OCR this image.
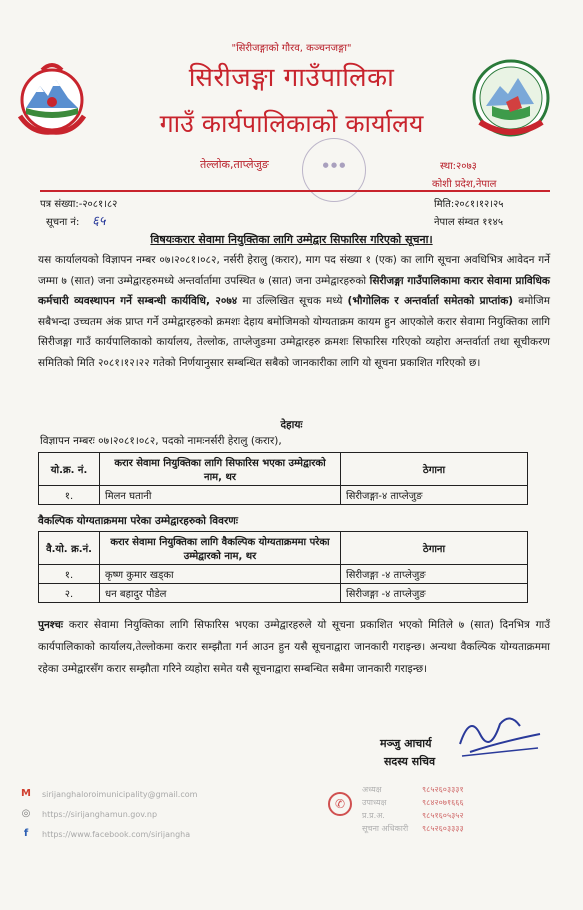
"सिरीजङ्गाको गौरव, कञ्चनजङ्गा"
सिरीजङ्गा गाउँपालिका
गाउँ कार्यपालिकाको कार्यालय
तेल्लोक,ताप्लेजुङ	स्था:२०७३
कोशी प्रदेश,नेपाल
● ● ●
पत्र संख्या:-२०८१।८२
सूचना नं: ६५
मिति:२०८१।१२।२५
नेपाल संम्वत ११४५
विषयःकरार सेवामा नियुक्तिका लागि उम्मेद्वार सिफारिस गरिएको सूचना।
यस कार्यालयको विज्ञापन नम्बर ०७।२०८१।०८२, नर्सरी हेरालु (करार), माग पद संख्या १ (एक) का लागि सूचना अवधिभित्र आवेदन गर्ने जम्मा ७ (सात) जना उम्मेद्वारहरुमध्ये अन्तर्वार्तामा उपस्थित ७ (सात) जना उम्मेद्वारहरुको सिरीजङ्गा गाउँपालिकामा करार सेवामा प्राविधिक कर्मचारी व्यवस्थापन गर्ने सम्बन्धी कार्यविधि, २०७४ मा उल्लिखित सूचक मध्ये (भौगोलिक र अन्तर्वार्ता समेतको प्राप्तांक) बमोजिम सबैभन्दा उच्चतम अंक प्राप्त गर्ने उम्मेद्वारहरुको क्रमशः देहाय बमोजिमको योग्यताक्रम कायम हुन आएकोले करार सेवामा नियुक्तिका लागि सिरीजङ्गा गाउँ कार्यपालिकाको कार्यालय, तेल्लोक, ताप्लेजुङमा उम्मेद्वारहरु क्रमशः सिफारिस गरिएको व्यहोरा अन्तर्वार्ता तथा सूचीकरण समितिको मिति २०८१।१२।२२ गतेको निर्णयानुसार सम्बन्धित सबैको जानकारीका लागि यो सूचना प्रकाशित गरिएको छ।
देहायः
विज्ञापन नम्बरः ०७।२०८१।०८२, पदको नामःनर्सरी हेरालु (करार),
यो.क्र. नं.	करार सेवामा नियुक्तिका लागि सिफारिस भएका उम्मेद्वारको नाम, थर	ठेगाना
१.	मिलन घतानी	सिरीजङ्गा-४ ताप्लेजुङ
वैकल्पिक योग्यताक्रममा परेका उम्मेद्वारहरुको विवरणः
वै.यो. क्र.नं.	करार सेवामा नियुक्तिका लागि वैकल्पिक योग्यताक्रममा परेका उम्मेद्वारको नाम, थर	ठेगाना
१.	कृष्ण कुमार खड्का	सिरीजङ्गा -४ ताप्लेजुङ
२.	धन बहादुर पौडेल	सिरीजङ्गा -४ ताप्लेजुङ
पुनश्चः करार सेवामा नियुक्तिका लागि सिफारिस भएका उम्मेद्वारहरुले यो सूचना प्रकाशित भएको मितिले ७ (सात) दिनभित्र गाउँ कार्यपालिकाको कार्यालय,तेल्लोकमा करार सम्झौता गर्न आउन हुन यसै सूचनाद्वारा जानकारी गराइन्छ। अन्यथा वैकल्पिक योग्यताक्रममा रहेका उम्मेद्वारसँग करार सम्झौता गरिने व्यहोरा समेत यसै सूचनाद्वारा सम्बन्धित सबैमा जानकारी गराइन्छ।
मञ्जु आचार्य
सदस्य सचिव
M sirijanghaloroimunicipality@gmail.com
◎ https://sirijanghamun.gov.np
f	https://www.facebook.com/sirijangha
✆
अध्यक्ष	९८५२६०३३३१
उपाध्यक्ष	९८४२०७१६६६
प्र.प्र.अ.	९८५१६०५३५२
सूचना अधिकारी	९८५२६०३३३३
